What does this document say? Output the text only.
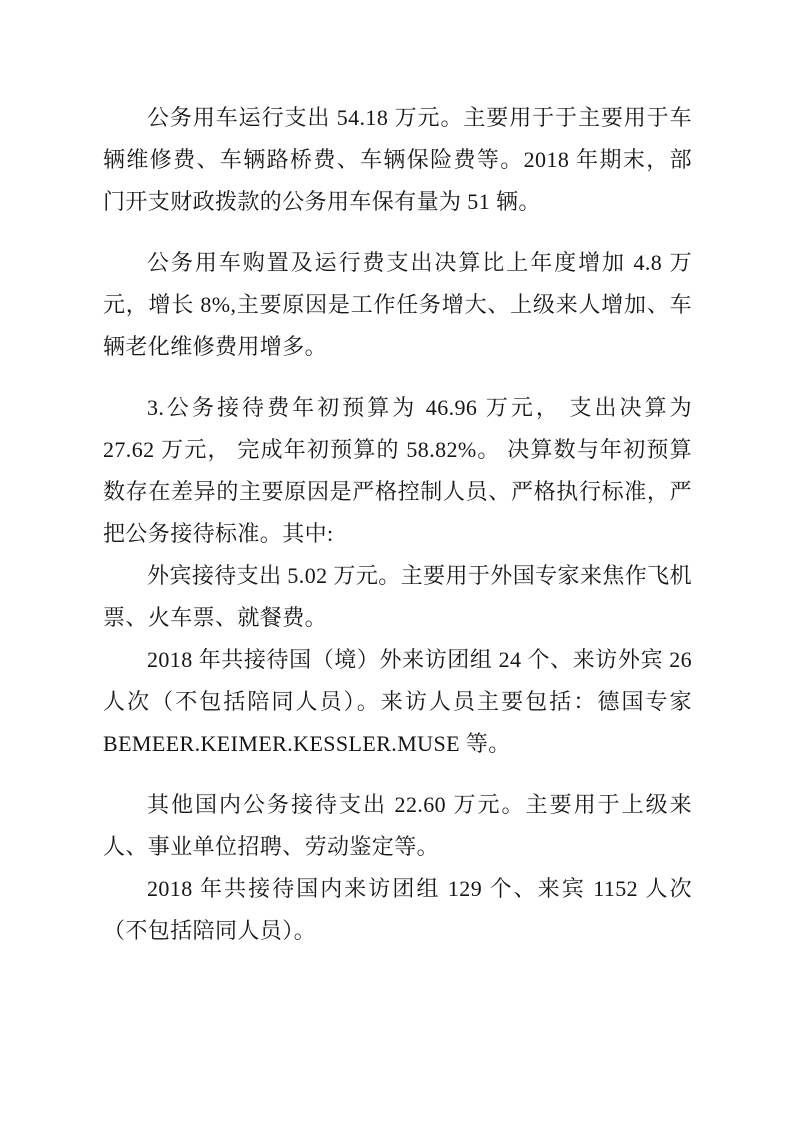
公务用车运行支出 54.18 万元。主要用于于主要用于车辆维修费、车辆路桥费、车辆保险费等。2018 年期末，部门开支财政拨款的公务用车保有量为 51 辆。

公务用车购置及运行费支出决算比上年度增加 4.8 万元，增长 8%,主要原因是工作任务增大、上级来人增加、车辆老化维修费用增多。

3.公务接待费年初预算为 46.96 万元， 支出决算为 27.62 万元， 完成年初预算的 58.82%。 决算数与年初预算数存在差异的主要原因是严格控制人员、严格执行标准，严把公务接待标准。其中:

外宾接待支出 5.02 万元。主要用于外国专家来焦作飞机票、火车票、就餐费。

2018 年共接待国（境）外来访团组 24 个、来访外宾 26 人次（不包括陪同人员）。来访人员主要包括：德国专家 BEMEER.KEIMER.KESSLER.MUSE 等。

其他国内公务接待支出 22.60 万元。主要用于上级来人、事业单位招聘、劳动鉴定等。

2018 年共接待国内来访团组 129 个、来宾 1152 人次（不包括陪同人员）。
